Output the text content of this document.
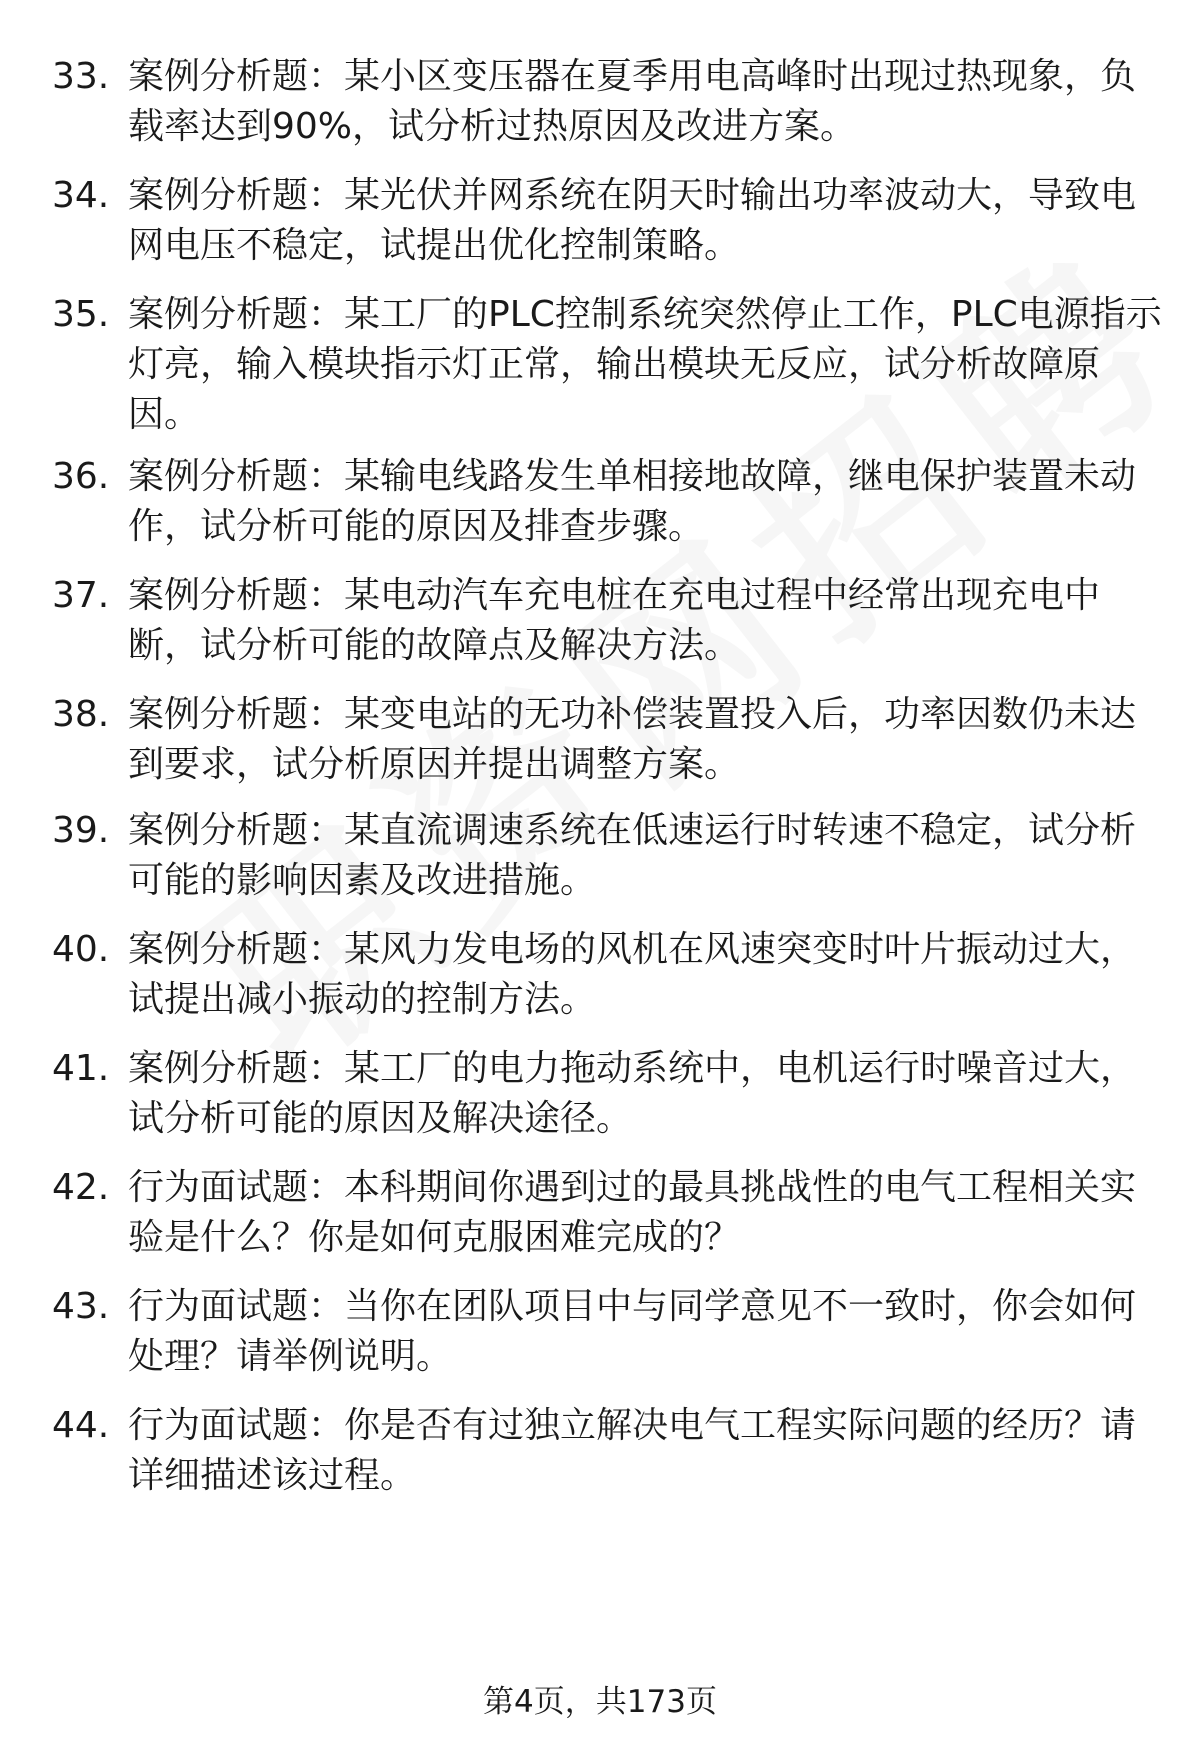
33. 案例分析题：某小区变压器在夏季用电高峰时出现过热现象，负
载率达到90%，试分析过热原因及改进方案。
34. 案例分析题：某光伏并网系统在阴天时输出功率波动大，导致电
网电压不稳定，试提出优化控制策略。
35. 案例分析题：某工厂的PLC控制系统突然停止工作，PLC电源指示
灯亮，输入模块指示灯正常，输出模块无反应，试分析故障原
因。
36. 案例分析题：某输电线路发生单相接地故障，继电保护装置未动
作，试分析可能的原因及排查步骤。
37. 案例分析题：某电动汽车充电桩在充电过程中经常出现充电中
断，试分析可能的故障点及解决方法。
38. 案例分析题：某变电站的无功补偿装置投入后，功率因数仍未达
到要求，试分析原因并提出调整方案。
39. 案例分析题：某直流调速系统在低速运行时转速不稳定，试分析
可能的影响因素及改进措施。
40. 案例分析题：某风力发电场的风机在风速突变时叶片振动过大，
试提出减小振动的控制方法。
41. 案例分析题：某工厂的电力拖动系统中，电机运行时噪音过大，
试分析可能的原因及解决途径。
42. 行为面试题：本科期间你遇到过的最具挑战性的电气工程相关实
验是什么？你是如何克服困难完成的？
43. 行为面试题：当你在团队项目中与同学意见不一致时，你会如何
处理？请举例说明。
44. 行为面试题：你是否有过独立解决电气工程实际问题的经历？请
详细描述该过程。
第4页，共173页
